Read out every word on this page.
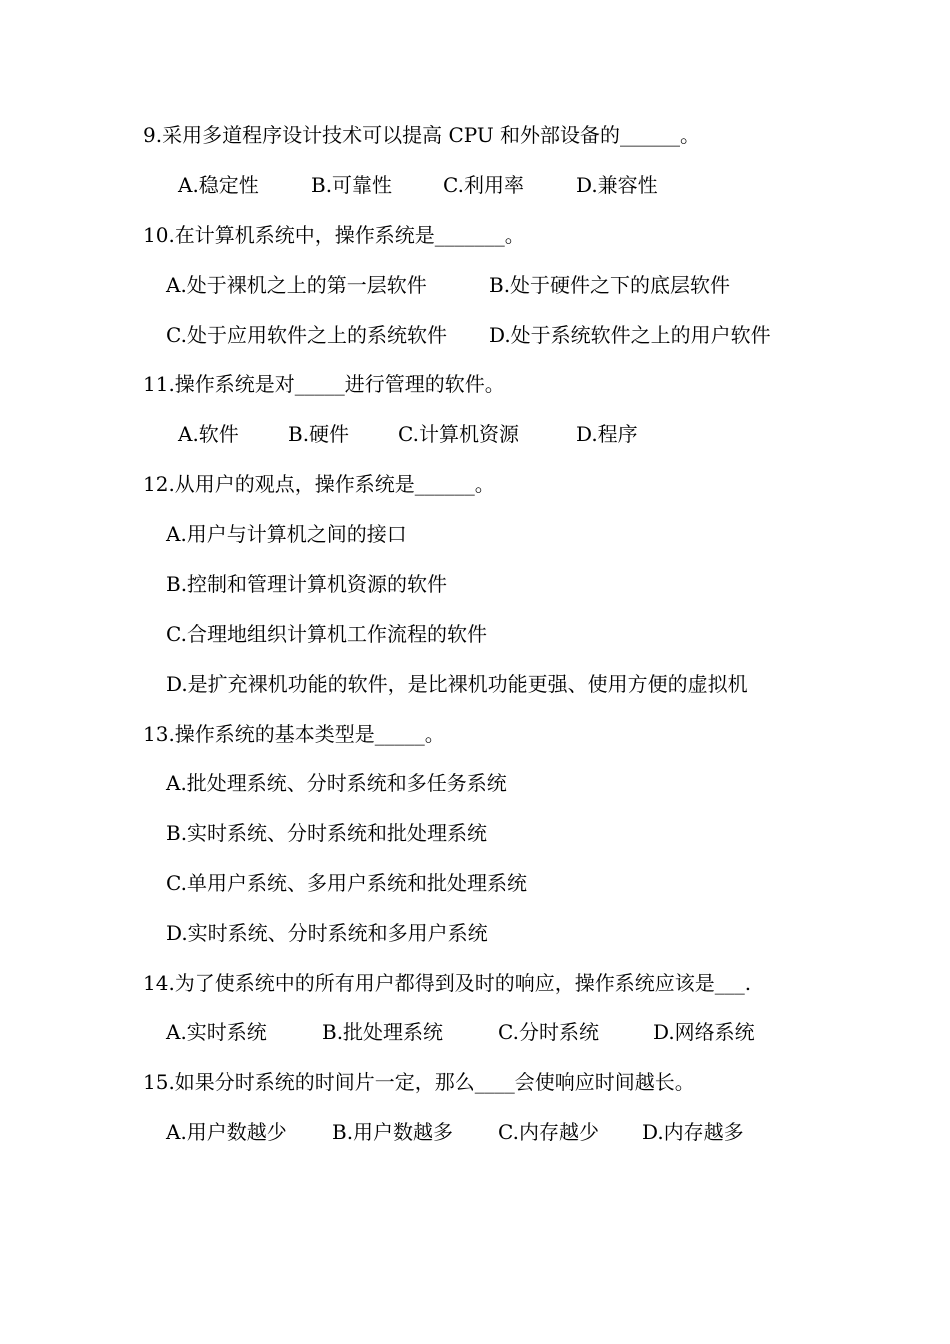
9.采用多道程序设计技术可以提高 CPU 和外部设备的______。
A.稳定性	B.可靠性	C.利用率	D.兼容性
10.在计算机系统中，操作系统是_______。
A.处于裸机之上的第一层软件	B.处于硬件之下的底层软件
C.处于应用软件之上的系统软件 D.处于系统软件之上的用户软件
11.操作系统是对_____进行管理的软件。
A.软件 B.硬件 C.计算机资源	D.程序
12.从用户的观点，操作系统是______。
A.用户与计算机之间的接口
B.控制和管理计算机资源的软件
C.合理地组织计算机工作流程的软件
D.是扩充裸机功能的软件，是比裸机功能更强、使用方便的虚拟机
13.操作系统的基本类型是_____。
A.批处理系统、分时系统和多任务系统
B.实时系统、分时系统和批处理系统
C.单用户系统、多用户系统和批处理系统
D.实时系统、分时系统和多用户系统
14.为了使系统中的所有用户都得到及时的响应，操作系统应该是___.
A.实时系统	B.批处理系统	C.分时系统	D.网络系统
15.如果分时系统的时间片一定，那么____会使响应时间越长。
A.用户数越少 B.用户数越多 C.内存越少 D.内存越多
